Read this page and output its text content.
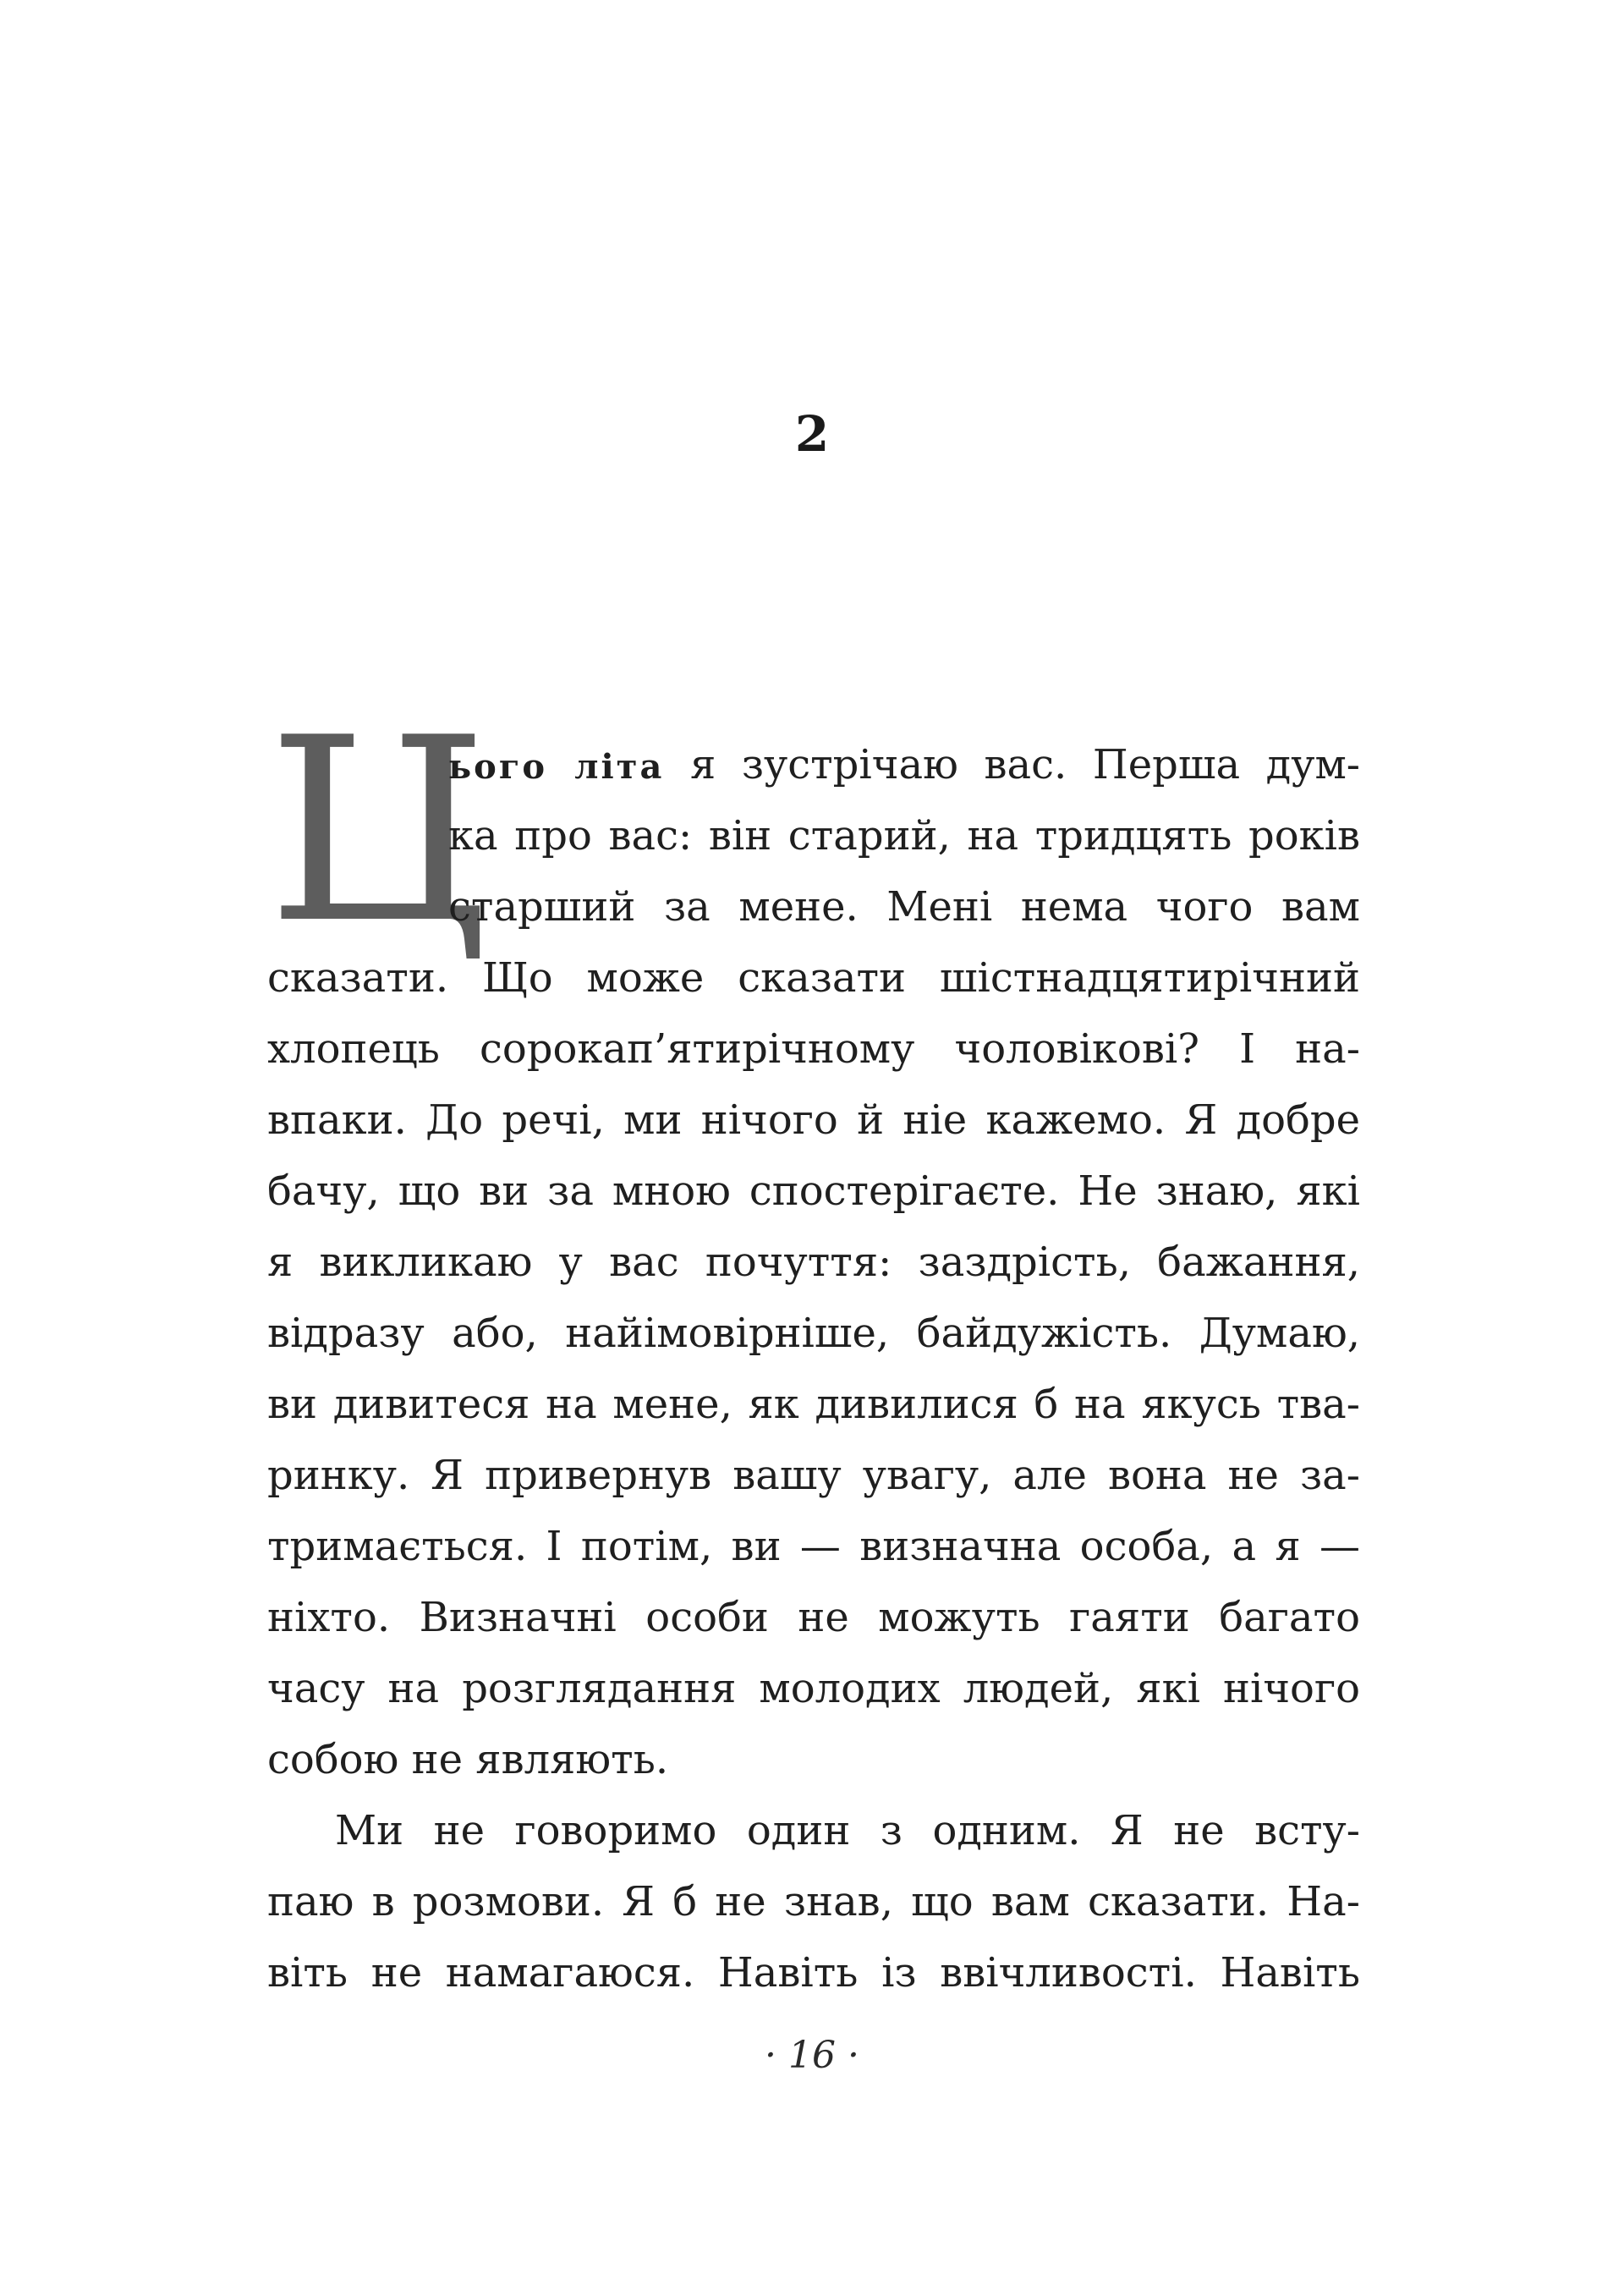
2
Ц
ього літа я зустрічаю вас. Перша дум-
ка про вас: він старий, на тридцять років
старший за мене. Мені нема чого вам
сказати. Що може сказати шістнадцятирічний
хлопець сорокап’ятирічному чоловікові? І на-
впаки. До речі, ми нічого й ніе кажемо. Я добре
бачу, що ви за мною спостерігаєте. Не знаю, які
я викликаю у вас почуття: заздрість, бажання,
відразу або, найімовірніше, байдужість. Думаю,
ви дивитеся на мене, як дивилися б на якусь тва-
ринку. Я привернув вашу увагу, але вона не за-
тримається. І потім, ви — визначна особа, а я —
ніхто. Визначні особи не можуть гаяти багато
часу на розглядання молодих людей, які нічого
собою не являють.
Ми не говоримо один з одним. Я не всту-
паю в розмови. Я б не знав, що вам сказати. На-
віть не намагаюся. Навіть із ввічливості. Навіть
· 16 ·
